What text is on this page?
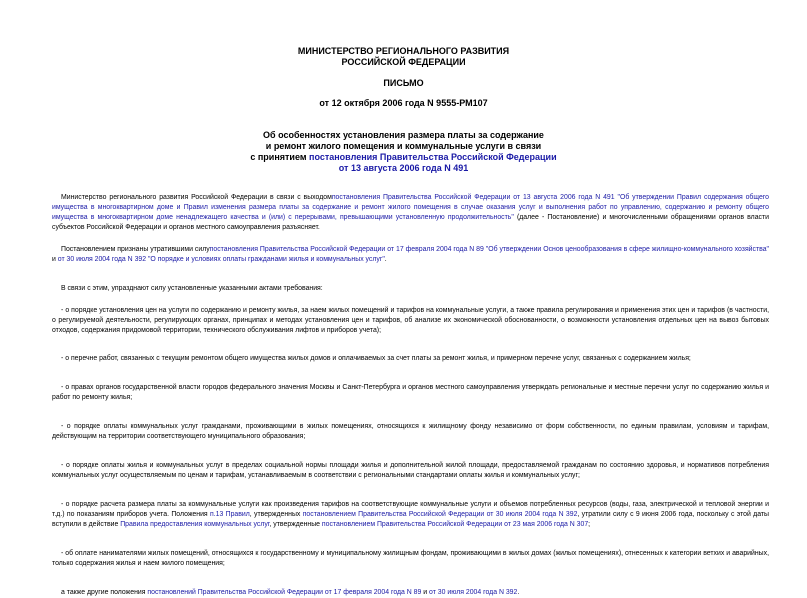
МИНИСТЕРСТВО РЕГИОНАЛЬНОГО РАЗВИТИЯ
РОССИЙСКОЙ ФЕДЕРАЦИИ
ПИСЬМО
от 12 октября 2006 года N 9555-РМ107
Об особенностях установления размера платы за содержание
и ремонт жилого помещения и коммунальные услуги в связи
с принятием постановления Правительства Российской Федерации
от 13 августа 2006 года N 491

Министерство регионального развития Российской Федерации в связи с выходомпостановления Правительства Российской Федерации от 13 августа 2006 года N 491 "Об утверждении Правил содержания общего имущества в многоквартирном доме и Правил изменения размера платы за содержание и ремонт жилого помещения в случае оказания услуг и выполнения работ по управлению, содержанию и ремонту общего имущества в многоквартирном доме ненадлежащего качества и (или) с перерывами, превышающими установленную продолжительность" (далее - Постановление) и многочисленными обращениями органов власти субъектов Российской Федерации и органов местного самоуправления разъясняет.

Постановлением признаны утратившими силупостановления Правительства Российской Федерации от 17 февраля 2004 года N 89 "Об утверждении Основ ценообразования в сфере жилищно-коммунального хозяйства" и от 30 июля 2004 года N 392 "О порядке и условиях оплаты гражданами жилья и коммунальных услуг".

В связи с этим, упразднают силу установленные указанными актами требования:

- о порядке установления цен на услуги по содержанию и ремонту жилья, за наем жилых помещений и тарифов на коммунальные услуги, а также правила регулирования и применения этих цен и тарифов (в частности, о регулируемой деятельности, регулирующих органах, принципах и методах установления цен и тарифов, об анализе их экономической обоснованности, о возможности установления отдельных цен на вывоз бытовых отходов, содержания придомовой территории, технического обслуживания лифтов и приборов учета);

- о перечне работ, связанных с текущим ремонтом общего имущества жилых домов и оплачиваемых за счет платы за ремонт жилья, и примерном перечне услуг, связанных с содержанием жилья;

- о правах органов государственной власти городов федерального значения Москвы и Санкт-Петербурга и органов местного самоуправления утверждать региональные и местные перечни услуг по содержанию жилья и работ по ремонту жилья;

- о порядке оплаты коммунальных услуг гражданами, проживающими в жилых помещениях, относящихся к жилищному фонду независимо от форм собственности, по единым правилам, условиям и тарифам, действующим на территории соответствующего муниципального образования;

- о порядке оплаты жилья и коммунальных услуг в пределах социальной нормы площади жилья и дополнительной жилой площади, предоставляемой гражданам по состоянию здоровья, и нормативов потребления коммунальных услуг осуществляемым по ценам и тарифам, устанавливаемым в соответствии с региональными стандартами оплаты жилья и коммунальных услуг;

- о порядке расчета размера платы за коммунальные услуги как произведения тарифов на соответствующие коммунальные услуги и объемов потребленных ресурсов (воды, газа, электрической и тепловой энергии и т.д.) по показаниям приборов учета. Положения п.13 Правил, утвержденных постановлением Правительства Российской Федерации от 30 июля 2004 года N 392, утратили силу с 9 июня 2006 года, поскольку с этой даты вступили в действие Правила предоставления коммунальных услуг, утвержденные постановлением Правительства Российской Федерации от 23 мая 2006 года N 307;

- об оплате нанимателями жилых помещений, относящихся к государственному и муниципальному жилищным фондам, проживающими в жилых домах (жилых помещениях), отнесенных к категории ветхих и аварийных, только содержания жилья и наем жилого помещения;

а также другие положения постановлений Правительства Российской Федерации от 17 февраля 2004 года N 89 и от 30 июля 2004 года N 392.
